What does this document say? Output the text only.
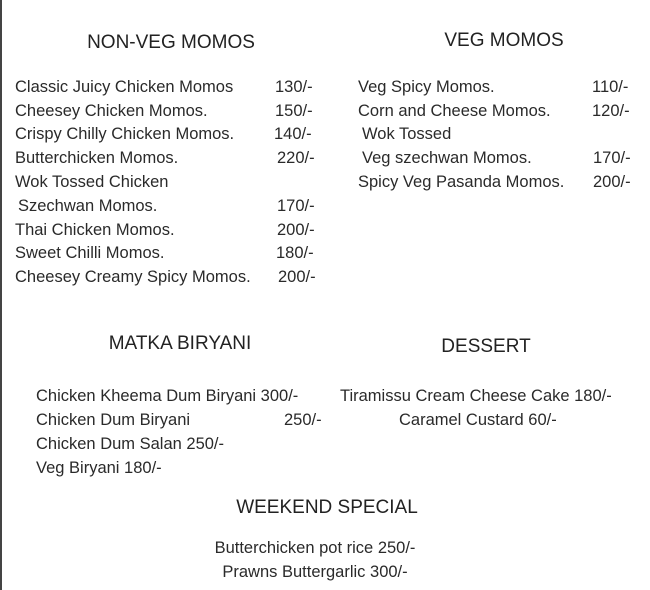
NON-VEG MOMOS
Classic Juicy Chicken Momos	130/-
Cheesey Chicken Momos.	150/-
Crispy Chilly Chicken Momos. 140/-
Butterchicken Momos.	220/-
Wok Tossed Chicken
Szechwan Momos.	170/-
Thai Chicken Momos.	200/-
Sweet Chilli Momos.	180/-
Cheesey Creamy Spicy Momos. 200/-
VEG MOMOS
Veg Spicy Momos.	110/-
Corn and Cheese Momos.	120/-
Wok Tossed
Veg szechwan Momos.	170/-
Spicy Veg Pasanda Momos. 200/-
MATKA BIRYANI
Chicken Kheema Dum Biryani 300/-
Chicken Dum Biryani	250/-
Chicken Dum Salan 250/-
Veg Biryani 180/-
DESSERT
Tiramissu Cream Cheese Cake 180/-
Caramel Custard 60/-
WEEKEND SPECIAL
Butterchicken pot rice 250/-
Prawns Buttergarlic 300/-
